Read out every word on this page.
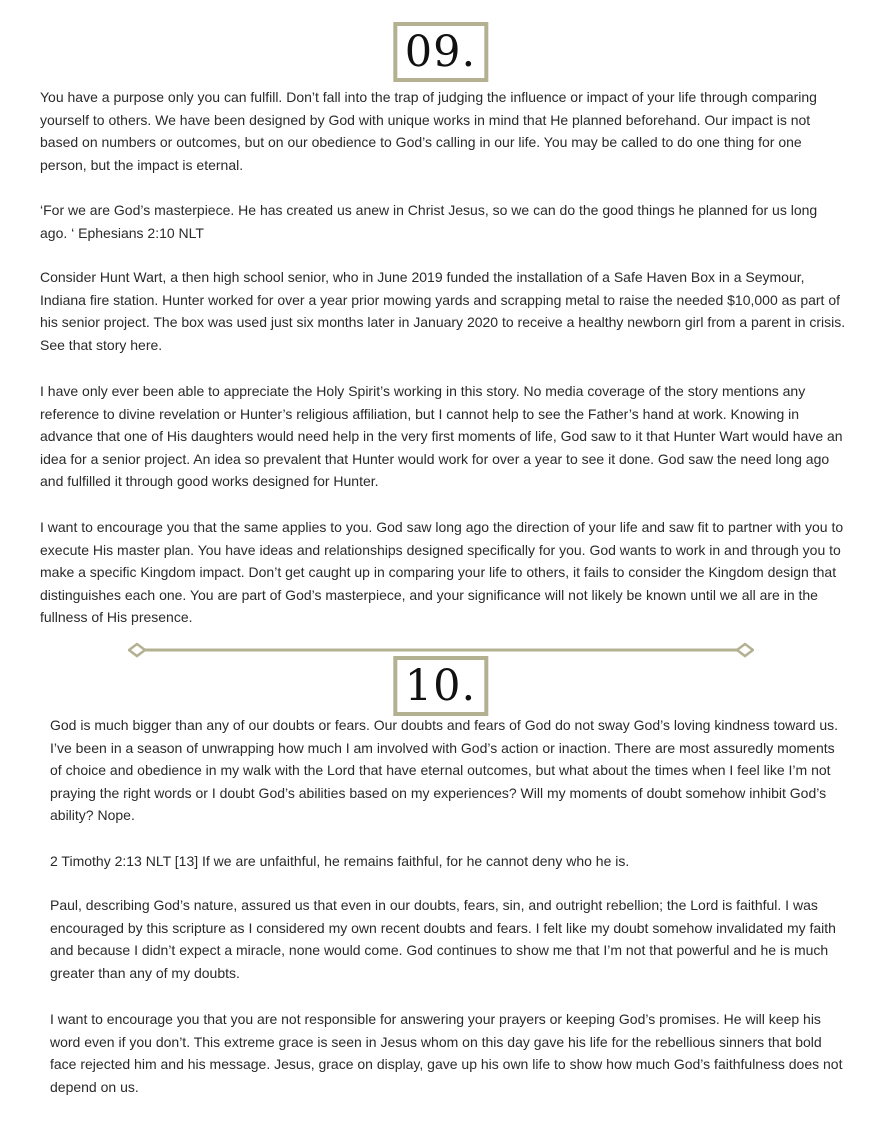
09.

You have a purpose only you can fulfill. Don’t fall into the trap of judging the influence or impact of your life through comparing yourself to others. We have been designed by God with unique works in mind that He planned beforehand. Our impact is not based on numbers or outcomes, but on our obedience to God’s calling in our life. You may be called to do one thing for one person, but the impact is eternal.

‘For we are God’s masterpiece. He has created us anew in Christ Jesus, so we can do the good things he planned for us long ago. ‘ Ephesians 2:10 NLT

Consider Hunt Wart, a then high school senior, who in June 2019 funded the installation of a Safe Haven Box in a Seymour, Indiana fire station. Hunter worked for over a year prior mowing yards and scrapping metal to raise the needed $10,000 as part of his senior project. The box was used just six months later in January 2020 to receive a healthy newborn girl from a parent in crisis. See that story here.

I have only ever been able to appreciate the Holy Spirit’s working in this story. No media coverage of the story mentions any reference to divine revelation or Hunter’s religious affiliation, but I cannot help to see the Father’s hand at work. Knowing in advance that one of His daughters would need help in the very first moments of life, God saw to it that Hunter Wart would have an idea for a senior project. An idea so prevalent that Hunter would work for over a year to see it done. God saw the need long ago and fulfilled it through good works designed for Hunter.

I want to encourage you that the same applies to you. God saw long ago the direction of your life and saw fit to partner with you to execute His master plan. You have ideas and relationships designed specifically for you. God wants to work in and through you to make a specific Kingdom impact. Don’t get caught up in comparing your life to others, it fails to consider the Kingdom design that distinguishes each one. You are part of God’s masterpiece, and your significance will not likely be known until we all are in the fullness of His presence.

10.

God is much bigger than any of our doubts or fears. Our doubts and fears of God do not sway God’s loving kindness toward us. I’ve been in a season of unwrapping how much I am involved with God’s action or inaction. There are most assuredly moments of choice and obedience in my walk with the Lord that have eternal outcomes, but what about the times when I feel like I’m not praying the right words or I doubt God’s abilities based on my experiences? Will my moments of doubt somehow inhibit God’s ability? Nope.

2 Timothy 2:13 NLT [13] If we are unfaithful, he remains faithful, for he cannot deny who he is.

Paul, describing God’s nature, assured us that even in our doubts, fears, sin, and outright rebellion; the Lord is faithful. I was encouraged by this scripture as I considered my own recent doubts and fears. I felt like my doubt somehow invalidated my faith and because I didn’t expect a miracle, none would come. God continues to show me that I’m not that powerful and he is much greater than any of my doubts.

I want to encourage you that you are not responsible for answering your prayers or keeping God’s promises. He will keep his word even if you don’t. This extreme grace is seen in Jesus whom on this day gave his life for the rebellious sinners that bold face rejected him and his message. Jesus, grace on display, gave up his own life to show how much God’s faithfulness does not depend on us.
